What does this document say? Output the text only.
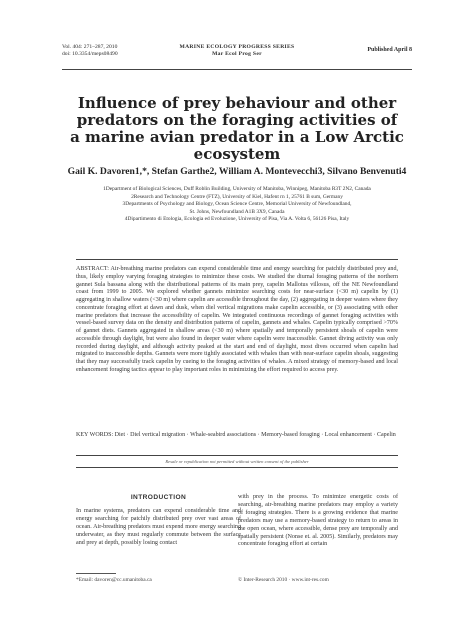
Vol. 404: 271–287, 2010
doi: 10.3354/meps08490
MARINE ECOLOGY PROGRESS SERIES
Mar Ecol Prog Ser
Published April 8
Influence of prey behaviour and other predators on the foraging activities of a marine avian predator in a Low Arctic ecosystem
Gail K. Davoren1,*, Stefan Garthe2, William A. Montevecchi3, Silvano Benvenuti4
1Department of Biological Sciences, Duff Roblin Building, University of Manitoba, Winnipeg, Manitoba R3T 2N2, Canada
2Research and Technology Centre (FTZ), University of Kiel, Hafent rn 1, 25761 B sum, Germany
3Departments of Psychology and Biology, Ocean Science Centre, Memorial University of Newfoundland,
St. Johns, Newfoundland A1B 3X9, Canada
4Dipartimento di Etologia, Ecologia ed Evoluzione, University of Pisa, Via A. Volta 6, 56126 Pisa, Italy
ABSTRACT: Air-breathing marine predators can expend considerable time and energy searching for patchily distributed prey and, thus, likely employ varying foraging strategies to minimize these costs. We studied the diurnal foraging patterns of the northern gannet Sula bassana along with the distributional patterns of its main prey, capelin Mallotus villosus, off the NE Newfoundland coast from 1999 to 2005. We explored whether gannets minimize searching costs for near-surface (<30 m) capelin by (1) aggregating in shallow waters (<30 m) where capelin are accessible throughout the day, (2) aggregating in deeper waters where they concentrate foraging effort at dawn and dusk, when diel vertical migrations make capelin accessible, or (3) associating with other marine predators that increase the accessibility of capelin. We integrated continuous recordings of gannet foraging activities with vessel-based survey data on the density and distribution patterns of capelin, gannets and whales. Capelin typically comprised >70% of gannet diets. Gannets aggregated in shallow areas (<30 m) where spatially and temporally persistent shoals of capelin were accessible through daylight, but were also found in deeper water where capelin were inaccessible. Gannet diving activity was only recorded during daylight, and although activity peaked at the start and end of daylight, most dives occurred when capelin had migrated to inaccessible depths. Gannets were more tightly associated with whales than with near-surface capelin shoals, suggesting that they may successfully track capelin by cueing to the foraging activities of whales. A mixed strategy of memory-based and local enhancement foraging tactics appear to play important roles in minimizing the effort required to access prey.
KEY WORDS: Diet · Diel vertical migration · Whale-seabird associations · Memory-based foraging · Local enhancement · Capelin
Resale or republication not permitted without written consent of the publisher
INTRODUCTION
In marine systems, predators can expend considerable time and energy searching for patchily distributed prey over vast areas of ocean. Air-breathing predators must expend more energy searching underwater, as they must regularly commute between the surface and prey at depth, possibly losing contact
with prey in the process. To minimize energetic costs of searching, air-breathing marine predators may employ a variety of foraging strategies. There is a growing evidence that marine predators may use a memory-based strategy to return to areas in the open ocean, where accessible, dense prey are temporally and spatially persistent (Nonse et. al. 2005). Similarly, predators may concentrate foraging effort at certain
*Email: davoren@cc.umanitoba.ca	© Inter-Research 2010 · www.int-res.com
